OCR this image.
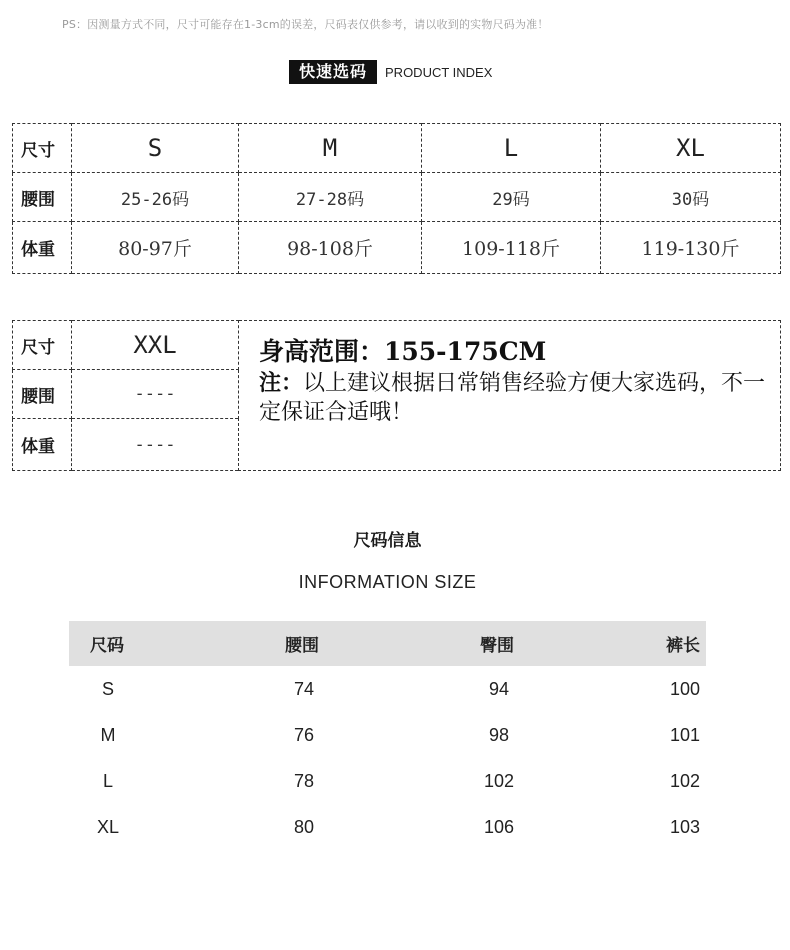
PS：因测量方式不同，尺寸可能存在1-3cm的误差，尺码表仅供参考，请以收到的实物尺码为准！
快速选码	PRODUCT INDEX
尺寸	S	M	L	XL
腰围	25-26码	27-28码	29码	30码
体重	80-97斤	98-108斤	109-118斤	119-130斤
尺寸	XXL	身高范围：155-175CM
注：以上建议根据日常销售经验方便大家选码，不一定保证合适哦！

腰围	----	
体重	----	
尺码信息
INFORMATION SIZE
尺码	腰围	臀围	裤长
S	74	94	100
M	76	98	101
L	78	102	102
XL	80	106	103
